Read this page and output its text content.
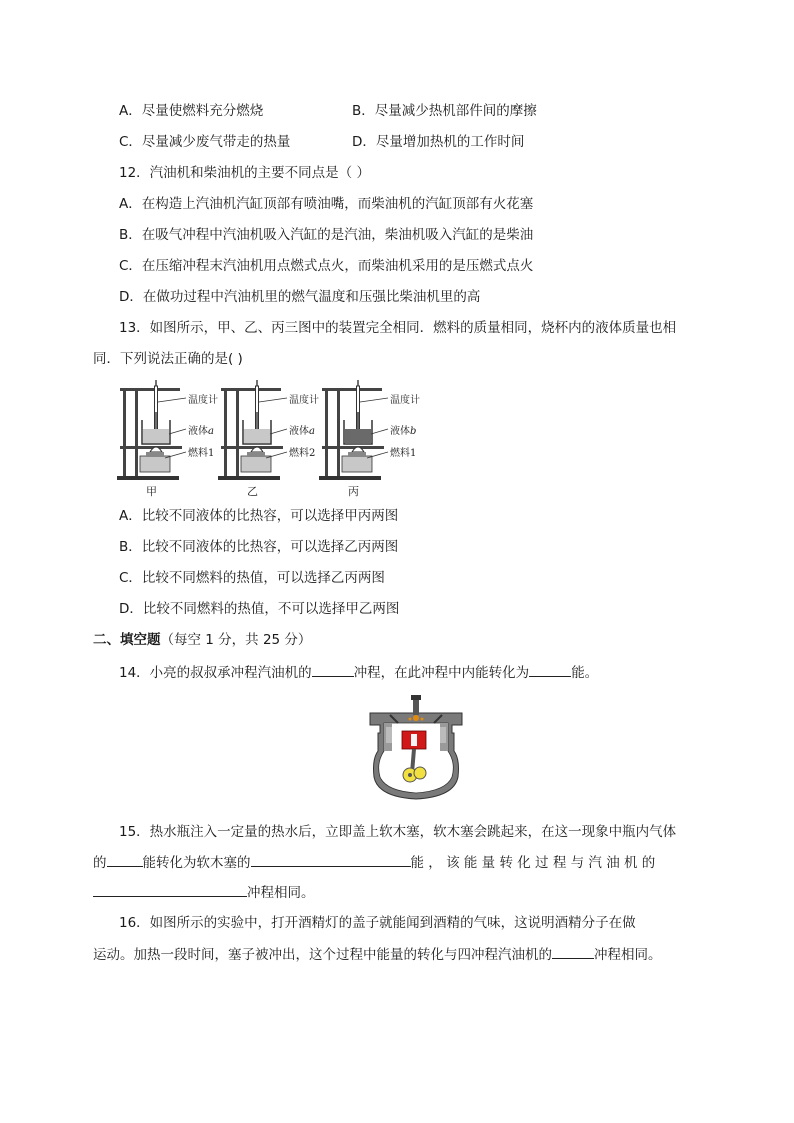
A．尽量使燃料充分燃烧	B．尽量减少热机部件间的摩擦
C．尽量减少废气带走的热量	D．尽量增加热机的工作时间
12．汽油机和柴油机的主要不同点是（ ）
A．在构造上汽油机汽缸顶部有喷油嘴，而柴油机的汽缸顶部有火花塞
B．在吸气冲程中汽油机吸入汽缸的是汽油，柴油机吸入汽缸的是柴油
C．在压缩冲程末汽油机用点燃式点火，而柴油机采用的是压燃式点火
D．在做功过程中汽油机里的燃气温度和压强比柴油机里的高
13．如图所示，甲、乙、丙三图中的装置完全相同．燃料的质量相同，烧杯内的液体质量也相
同．下列说法正确的是( )
温度计
液体a
燃料1
甲
温度计
液体a
燃料2
乙
温度计
液体b
燃料1
丙
A．比较不同液体的比热容，可以选择甲丙两图
B．比较不同液体的比热容，可以选择乙丙两图
C．比较不同燃料的热值，可以选择乙丙两图
D．比较不同燃料的热值，不可以选择甲乙两图
二、填空题（每空 1 分，共 25 分）
14．小亮的叔叔承冲程汽油机的	冲程，在此冲程中内能转化为	能。
15．热水瓶注入一定量的热水后，立即盖上软木塞，软木塞会跳起来，在这一现象中瓶内气体
的	能转化为软木塞的	能 ， 该 能 量 转 化 过 程 与 汽 油 机 的
冲程相同。
16．如图所示的实验中，打开酒精灯的盖子就能闻到酒精的气味，这说明酒精分子在做
运动。加热一段时间，塞子被冲出，这个过程中能量的转化与四冲程汽油机的	冲程相同。
